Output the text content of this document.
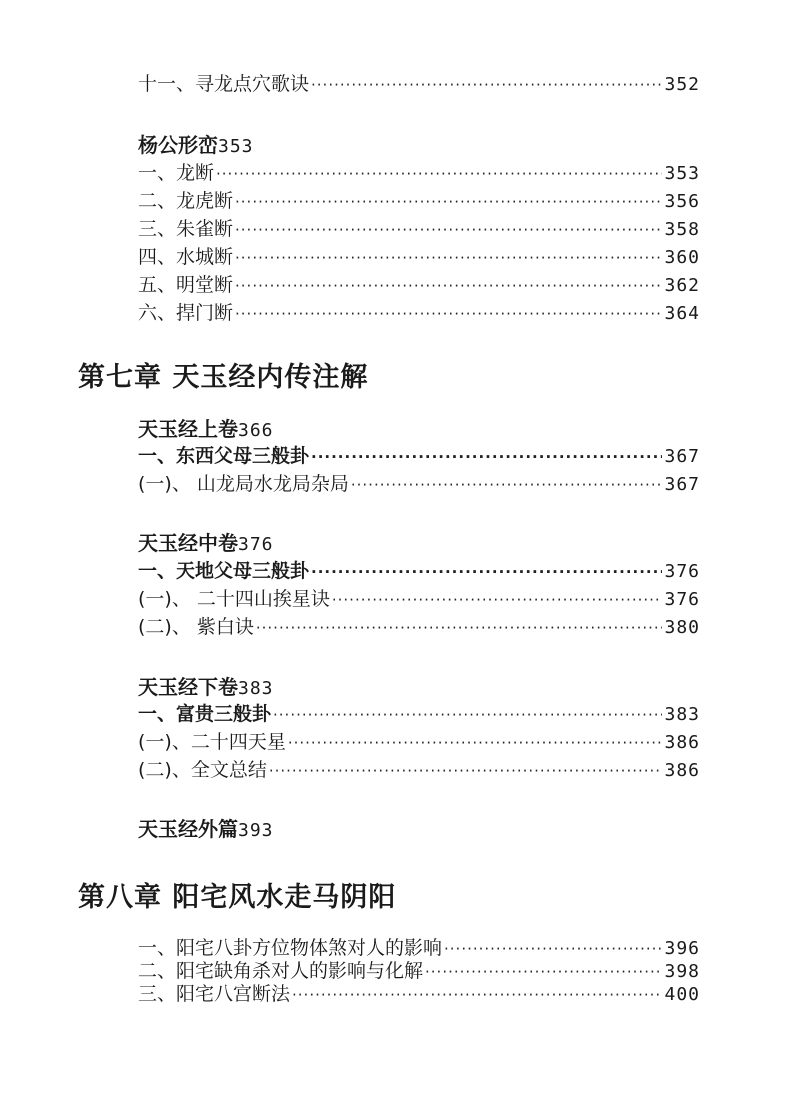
十一、寻龙点穴歌诀 ·····	352
杨公形峦353
一、龙断 ·····	353
二、龙虎断 ·····	356
三、朱雀断 ·····	358
四、水城断 ·····	360
五、明堂断 ·····	362
六、捍门断 ·····	364
第七章 天玉经内传注解
天玉经上卷366
一、东西父母三般卦 ·····	367
(一)、 山龙局水龙局杂局 ·····	367
天玉经中卷376
一、天地父母三般卦 ·····	376
(一)、 二十四山挨星诀 ·····	376
(二)、 紫白诀 ·····	380
天玉经下卷383
一、富贵三般卦 ·····	383
(一)、二十四天星 ·····	386
(二)、全文总结 ·····	386
天玉经外篇393
第八章 阳宅风水走马阴阳
一、阳宅八卦方位物体煞对人的影响 ·····	396
二、阳宅缺角杀对人的影响与化解 ·····	398
三、阳宅八宫断法 ·····	400
